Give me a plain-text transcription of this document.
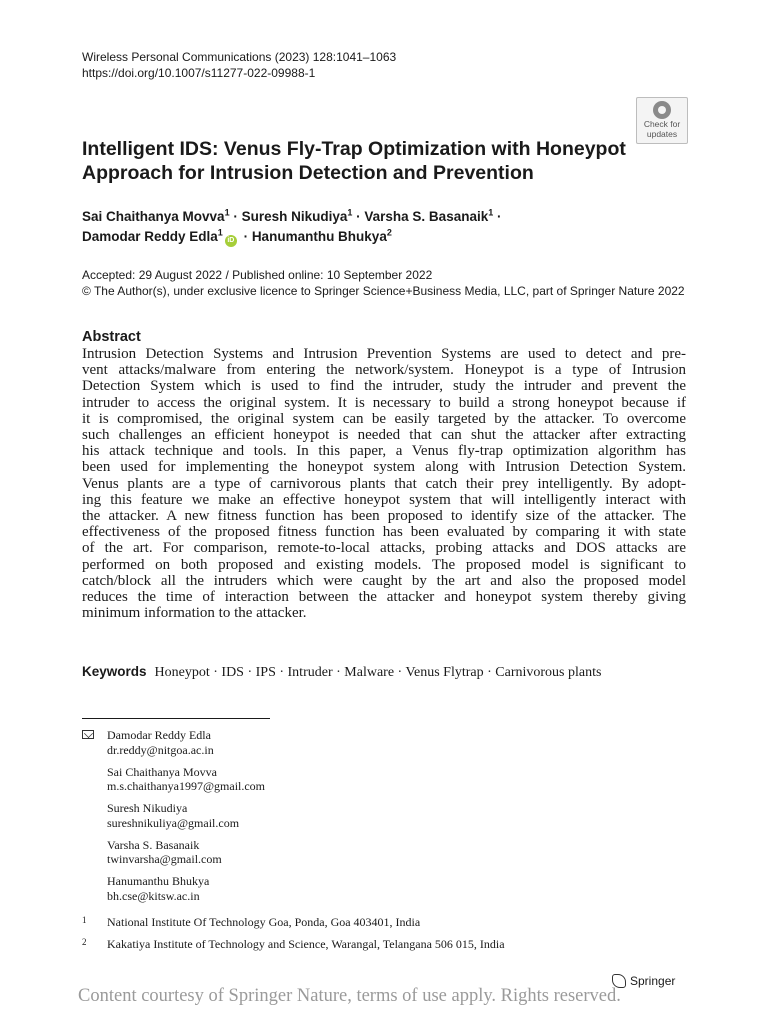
Wireless Personal Communications (2023) 128:1041–1063
https://doi.org/10.1007/s11277-022-09988-1
Check for
updates
Intelligent IDS: Venus Fly-Trap Optimization with Honeypot
Approach for Intrusion Detection and Prevention
Sai Chaithanya Movva$^1$ · Suresh Nikudiya$^1$ · Varsha S. Basanaik$^1$ ·
Damodar Reddy Edla$^1$iD · Hanumanthu Bhukya$^2$
Accepted: 29 August 2022 / Published online: 10 September 2022
© The Author(s), under exclusive licence to Springer Science+Business Media, LLC, part of Springer Nature 2022
Abstract
Intrusion Detection Systems and Intrusion Prevention Systems are used to detect and pre-
vent attacks/malware from entering the network/system. Honeypot is a type of Intrusion
Detection System which is used to find the intruder, study the intruder and prevent the
intruder to access the original system. It is necessary to build a strong honeypot because if
it is compromised, the original system can be easily targeted by the attacker. To overcome
such challenges an efficient honeypot is needed that can shut the attacker after extracting
his attack technique and tools. In this paper, a Venus fly-trap optimization algorithm has
been used for implementing the honeypot system along with Intrusion Detection System.
Venus plants are a type of carnivorous plants that catch their prey intelligently. By adopt-
ing this feature we make an effective honeypot system that will intelligently interact with
the attacker. A new fitness function has been proposed to identify size of the attacker. The
effectiveness of the proposed fitness function has been evaluated by comparing it with state
of the art. For comparison, remote-to-local attacks, probing attacks and DOS attacks are
performed on both proposed and existing models. The proposed model is significant to
catch/block all the intruders which were caught by the art and also the proposed model
reduces the time of interaction between the attacker and honeypot system thereby giving
minimum information to the attacker.
Keywords Honeypot · IDS · IPS · Intruder · Malware · Venus Flytrap · Carnivorous plants
Damodar Reddy Edla
dr.reddy@nitgoa.ac.in
Sai Chaithanya Movva
m.s.chaithanya1997@gmail.com
Suresh Nikudiya
sureshnikuliya@gmail.com
Varsha S. Basanaik
twinvarsha@gmail.com
Hanumanthu Bhukya
bh.cse@kitsw.ac.in
1 National Institute Of Technology Goa, Ponda, Goa 403401, India
2 Kakatiya Institute of Technology and Science, Warangal, Telangana 506 015, India
Springer
Content courtesy of Springer Nature, terms of use apply. Rights reserved.
